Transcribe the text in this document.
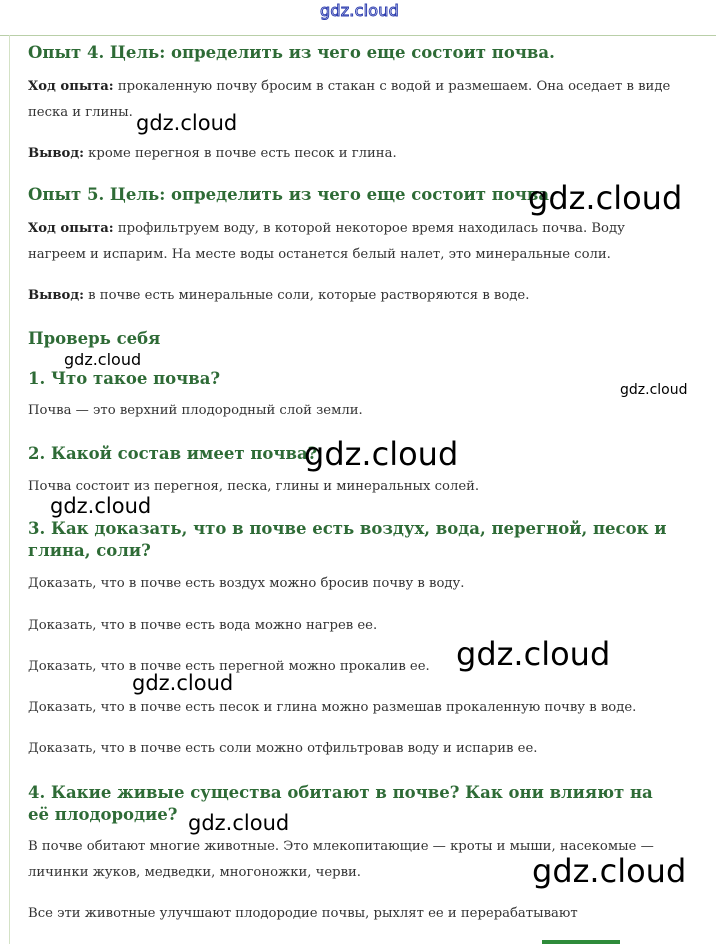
gdz.cloud
Опыт 4. Цель: определить из чего еще состоит почва.

Ход опыта: прокаленную почву бросим в стакан с водой и размешаем. Она оседает в виде песка и глины.

Вывод: кроме перегноя в почве есть песок и глина.

Опыт 5. Цель: определить из чего еще состоит почва.

Ход опыта: профильтруем воду, в которой некоторое время находилась почва. Воду нагреем и испарим. На месте воды останется белый налет, это минеральные соли.

Вывод: в почве есть минеральные соли, которые растворяются в воде.

Проверь себя
1. Что такое почва?

Почва — это верхний плодородный слой земли.

2. Какой состав имеет почва?

Почва состоит из перегноя, песка, глины и минеральных солей.

3. Как доказать, что в почве есть воздух, вода, перегной, песок и глина, соли?

Доказать, что в почве есть воздух можно бросив почву в воду.

Доказать, что в почве есть вода можно нагрев ее.

Доказать, что в почве есть перегной можно прокалив ее.

Доказать, что в почве есть песок и глина можно размешав прокаленную почву в воде.

Доказать, что в почве есть соли можно отфильтровав воду и испарив ее.

4. Какие живые существа обитают в почве? Как они влияют на её плодородие?

В почве обитают многие животные. Это млекопитающие — кроты и мыши, насекомые — личинки жуков, медведки, многоножки, черви.

Все эти животные улучшают плодородие почвы, рыхлят ее и перерабатывают

gdz.cloud
gdz.cloud
gdz.cloud
gdz.cloud
gdz.cloud
gdz.cloud
gdz.cloud
gdz.cloud
gdz.cloud
gdz.cloud
